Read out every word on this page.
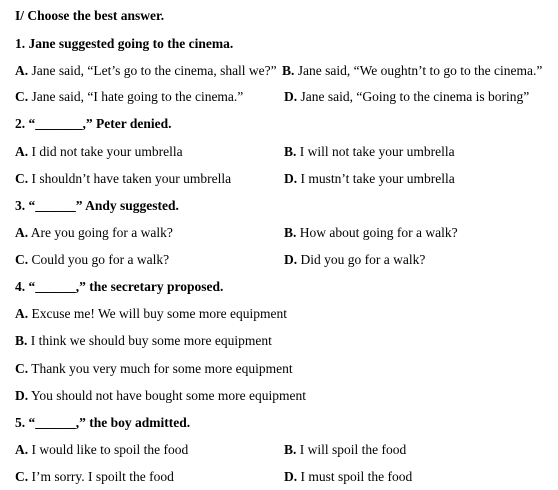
I/ Choose the best answer.
1. Jane suggested going to the cinema.
A. Jane said, “Let’s go to the cinema, shall we?” B. Jane said, “We oughtn’t to go to the cinema.”
C. Jane said, “I hate going to the cinema.”	D. Jane said, “Going to the cinema is boring”
2. “_______,” Peter denied.
A. I did not take your umbrella	B. I will not take your umbrella
C. I shouldn’t have taken your umbrella	D. I mustn’t take your umbrella
3. “______” Andy suggested.
A. Are you going for a walk?	B. How about going for a walk?
C. Could you go for a walk?	D. Did you go for a walk?
4. “______,” the secretary proposed.
A. Excuse me! We will buy some more equipment
B. I think we should buy some more equipment
C. Thank you very much for some more equipment
D. You should not have bought some more equipment
5. “______,” the boy admitted.
A. I would like to spoil the food	B. I will spoil the food
C. I’m sorry. I spoilt the food	D. I must spoil the food
